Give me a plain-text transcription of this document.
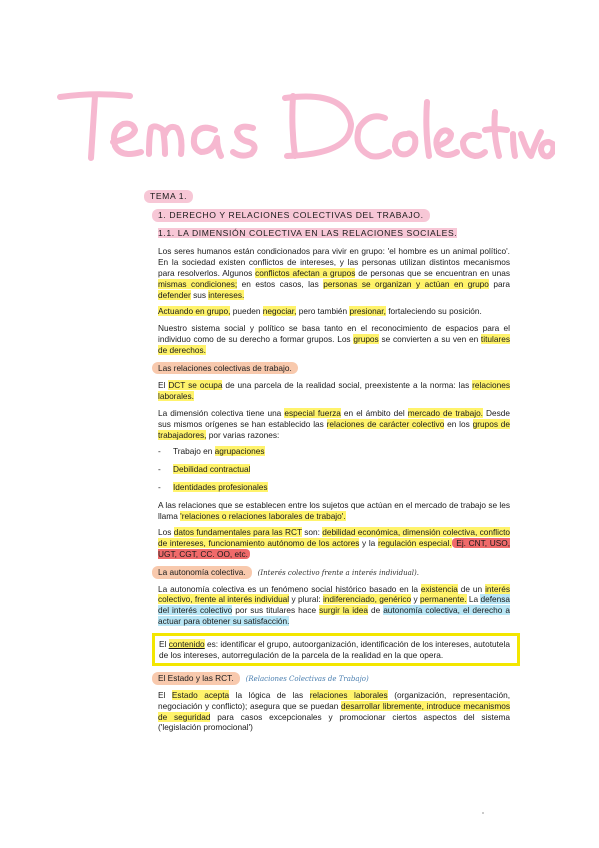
TEMA 1.
1. DERECHO Y RELACIONES COLECTIVAS DEL TRABAJO.
1.1. LA DIMENSIÓN COLECTIVA EN LAS RELACIONES SOCIALES.

Los seres humanos están condicionados para vivir en grupo: 'el hombre es un animal político'. En la sociedad existen conflictos de intereses, y las personas utilizan distintos mecanismos para resolverlos. Algunos conflictos afectan a grupos de personas que se encuentran en unas mismas condiciones; en estos casos, las personas se organizan y actúan en grupo para defender sus intereses.

Actuando en grupo, pueden negociar, pero también presionar, fortaleciendo su posición.

Nuestro sistema social y político se basa tanto en el reconocimiento de espacios para el individuo como de su derecho a formar grupos. Los grupos se convierten a su ven en titulares de derechos.

Las relaciones colectivas de trabajo.

El DCT se ocupa de una parcela de la realidad social, preexistente a la norma: las relaciones laborales.

La dimensión colectiva tiene una especial fuerza en el ámbito del mercado de trabajo. Desde sus mismos orígenes se han establecido las relaciones de carácter colectivo en los grupos de trabajadores, por varias razones:

- Trabajo en agrupaciones
- Debilidad contractual
- Identidades profesionales

A las relaciones que se establecen entre los sujetos que actúan en el mercado de trabajo se les llama 'relaciones o relaciones laborales de trabajo'.

Los datos fundamentales para las RCT son: debilidad económica, dimensión colectiva, conflicto de intereses, funcionamiento autónomo de los actores y la regulación especial. Ej. CNT, USO, UGT, CGT, CC. OO, etc.

La autonomía colectiva. (Interés colectivo frente a interés individual).

La autonomía colectiva es un fenómeno social histórico basado en la existencia de un interés colectivo, frente al interés individual y plural: indiferenciado, genérico y permanente. La defensa del interés colectivo por sus titulares hace surgir la idea de autonomía colectiva, el derecho a actuar para obtener su satisfacción.

El contenido es: identificar el grupo, autoorganización, identificación de los intereses, autotutela de los intereses, autorregulación de la parcela de la realidad en la que opera.
El Estado y las RCT. (Relaciones Colectivas de Trabajo)

El Estado acepta la lógica de las relaciones laborales (organización, representación, negociación y conflicto); asegura que se puedan desarrollar libremente, introduce mecanismos de seguridad para casos excepcionales y promocionar ciertos aspectos del sistema ('legislación promocional')
